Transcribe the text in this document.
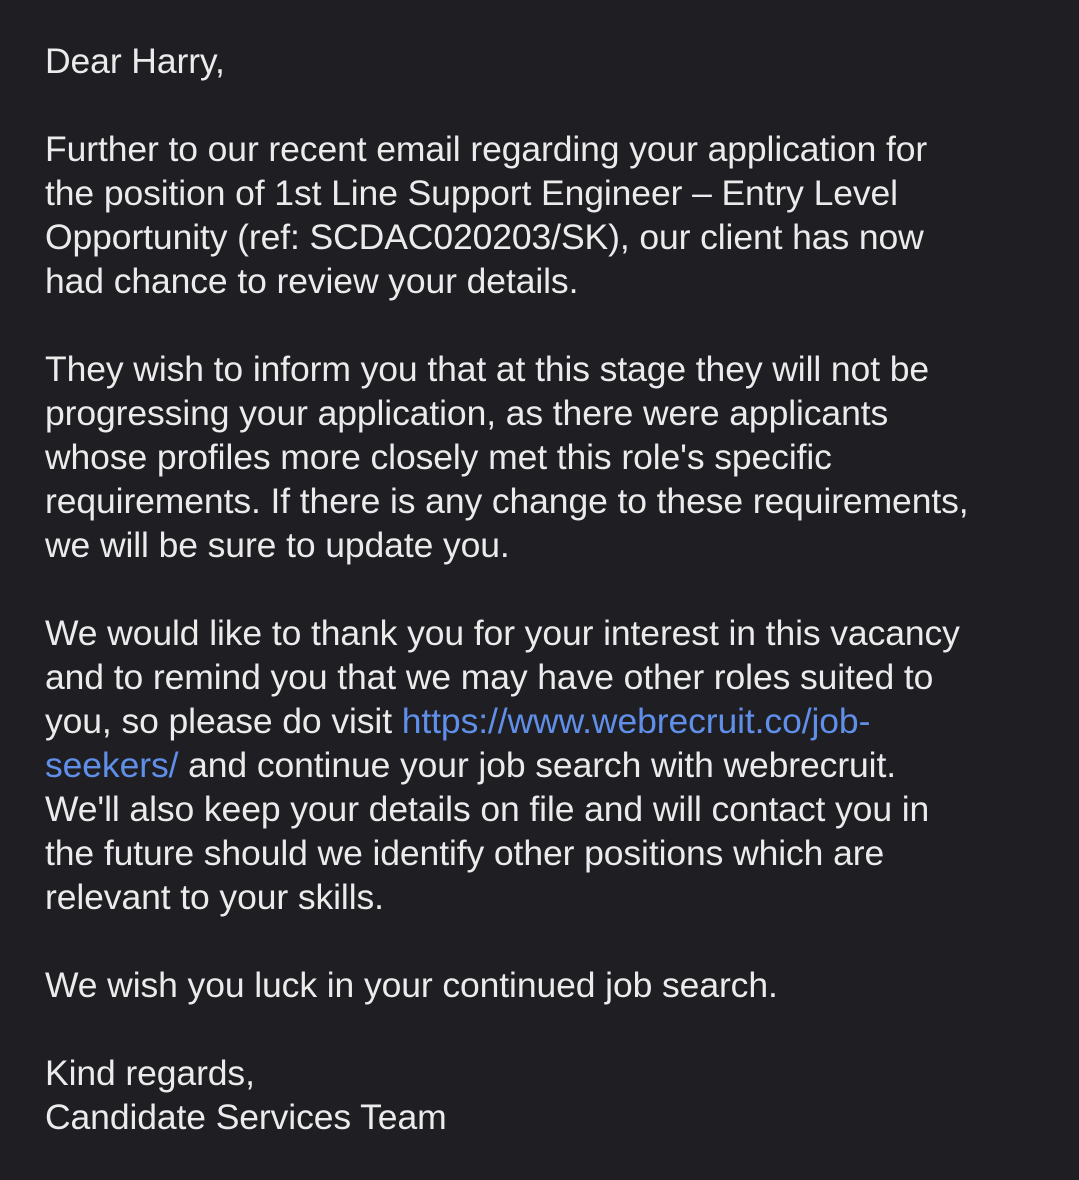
Dear Harry,

Further to our recent email regarding your application for
the position of 1st Line Support Engineer – Entry Level
Opportunity (ref: SCDAC020203/SK), our client has now
had chance to review your details.

They wish to inform you that at this stage they will not be
progressing your application, as there were applicants
whose profiles more closely met this role's specific
requirements. If there is any change to these requirements,
we will be sure to update you.

We would like to thank you for your interest in this vacancy
and to remind you that we may have other roles suited to
you, so please do visit https://www.webrecruit.co/job-
seekers/ and continue your job search with webrecruit.
We'll also keep your details on file and will contact you in
the future should we identify other positions which are
relevant to your skills.

We wish you luck in your continued job search.

Kind regards,
Candidate Services Team
